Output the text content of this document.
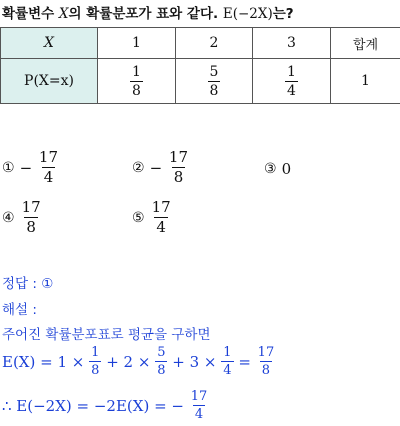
확률변수 X의 확률분포가 표와 같다. E(−2X)는?
X	1	2	3	합계
P(X=x)	$\frac{1}{8}$	$\frac{5}{8}$	$\frac{1}{4}$	1
① −
$\frac{17}{4}$	② −
$\frac{17}{8}$	③ 0
④ $\frac{17}{8}$	⑤ $\frac{17}{4}$
정답 : ①
해설 :
주어진 확률분포표로 평균을 구하면
E(X)
= 1 ×
$\frac{1}{8}$
+ 2 ×
$\frac{5}{8}$
+ 3 ×
$\frac{1}{4}$
=
$\frac{17}{8}$
∴ E(−2X) = −2E(X) = −
$\frac{17}{4}$
